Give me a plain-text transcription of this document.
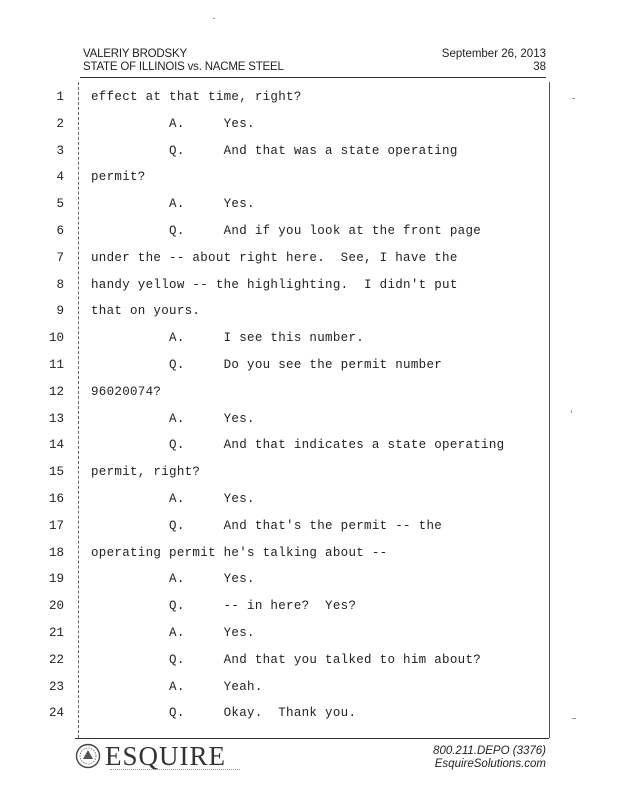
VALERIY BRODSKY
STATE OF ILLINOIS vs. NACME STEEL
September 26, 2013
38
1 effect at that time, right?
2 A.     Yes.
3 Q.     And that was a state operating
4 permit?
5 A.     Yes.
6 Q.     And if you look at the front page
7 under the -- about right here.  See, I have the
8 handy yellow -- the highlighting.  I didn't put
9 that on yours.
10 A.     I see this number.
11 Q.     Do you see the permit number
12 96020074?
13 A.     Yes.
14 Q.     And that indicates a state operating
15 permit, right?
16 A.     Yes.
17 Q.     And that's the permit -- the
18 operating permit he's talking about --
19 A.     Yes.
20 Q.     -- in here?  Yes?
21 A.     Yes.
22 Q.     And that you talked to him about?
23 A.     Yeah.
24 Q.     Okay.  Thank you.
ESQUIRE	800.211.DEPO (3376)
EsquireSolutions.com
